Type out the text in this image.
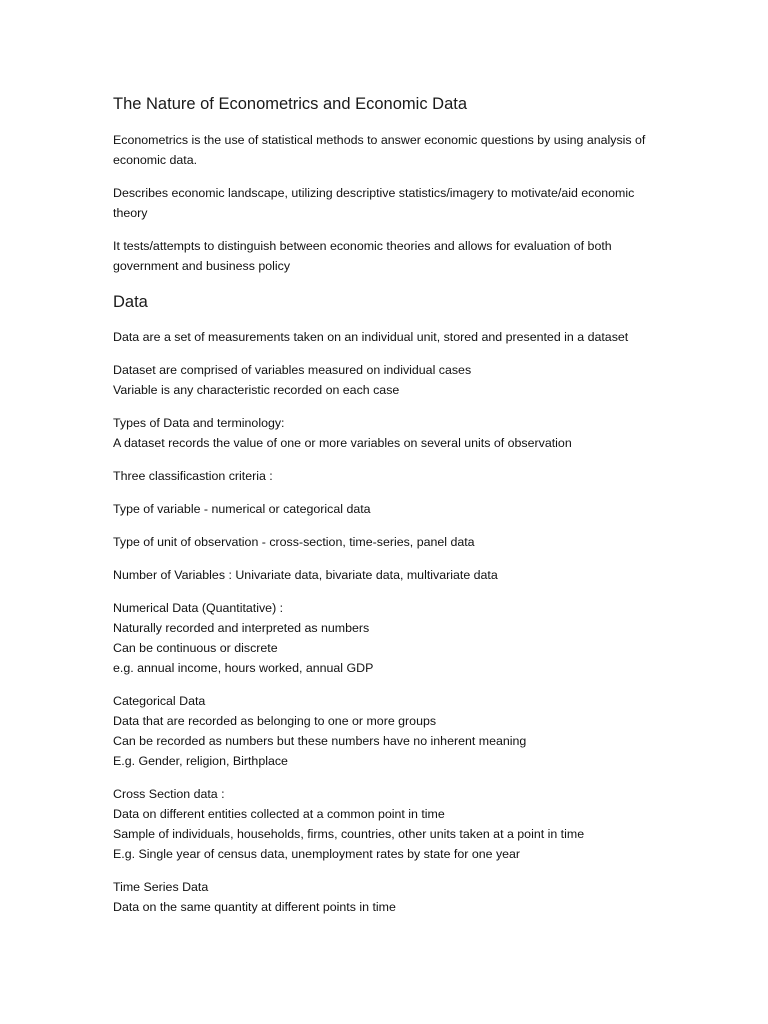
The Nature of Econometrics and Economic Data

Econometrics is the use of statistical methods to answer economic questions by using analysis of
economic data.

Describes economic landscape, utilizing descriptive statistics/imagery to motivate/aid economic
theory

It tests/attempts to distinguish between economic theories and allows for evaluation of both
government and business policy

Data

Data are a set of measurements taken on an individual unit, stored and presented in a dataset

Dataset are comprised of variables measured on individual cases
Variable is any characteristic recorded on each case

Types of Data and terminology:
A dataset records the value of one or more variables on several units of observation

Three classificastion criteria :

Type of variable - numerical or categorical data

Type of unit of observation - cross-section, time-series, panel data

Number of Variables : Univariate data, bivariate data, multivariate data

Numerical Data (Quantitative) :
Naturally recorded and interpreted as numbers
Can be continuous or discrete
e.g. annual income, hours worked, annual GDP

Categorical Data
Data that are recorded as belonging to one or more groups
Can be recorded as numbers but these numbers have no inherent meaning
E.g. Gender, religion, Birthplace

Cross Section data :
Data on different entities collected at a common point in time
Sample of individuals, households, firms, countries, other units taken at a point in time
E.g. Single year of census data, unemployment rates by state for one year

Time Series Data
Data on the same quantity at different points in time
